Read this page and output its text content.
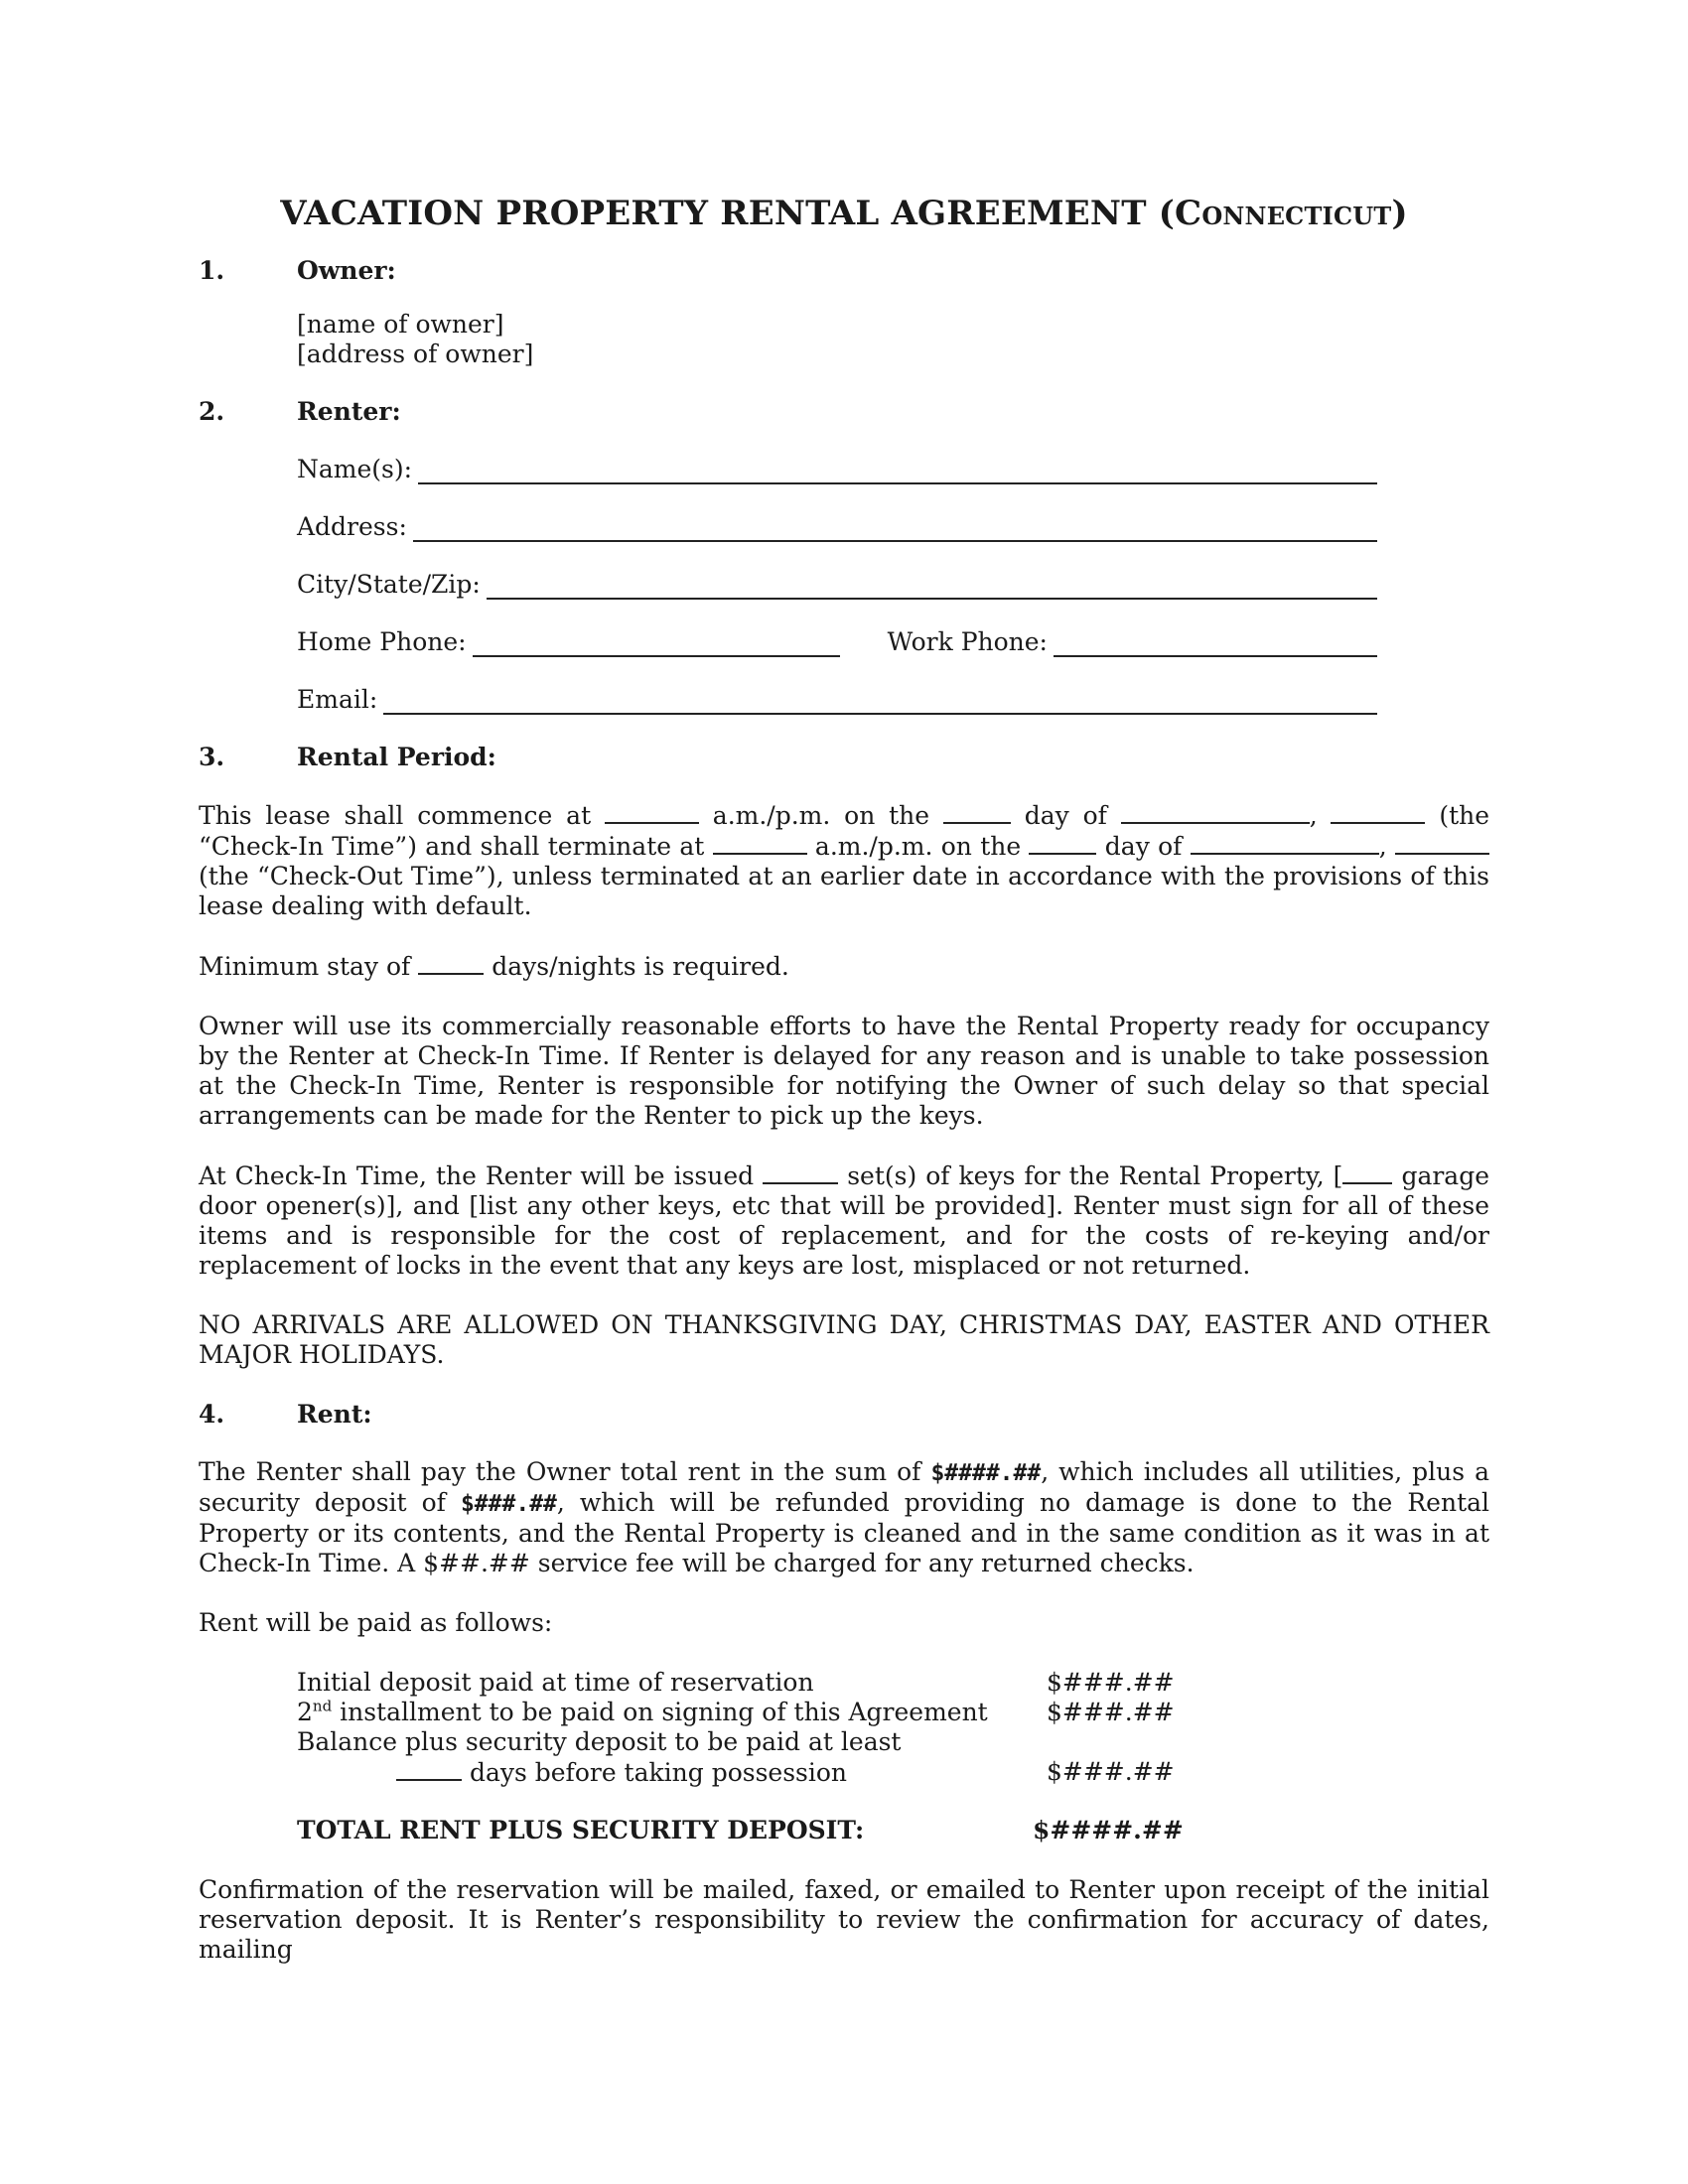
VACATION PROPERTY RENTAL AGREEMENT (Connecticut)
1.	Owner:
[name of owner]
[address of owner]
2.	Renter:
Name(s):
Address:
City/State/Zip:
Home Phone:	Work Phone:
Email:
3.	Rental Period:

This lease shall commence at	a.m./p.m. on the	day of	,	(the “Check-In Time”) and shall terminate at	a.m./p.m. on the	day of	,  (the “Check-Out Time”), unless terminated at an earlier date in accordance with the provisions of this lease dealing with default.

Minimum stay of	days/nights is required.

Owner will use its commercially reasonable efforts to have the Rental Property ready for occupancy by the Renter at Check-In Time. If Renter is delayed for any reason and is unable to take possession at the Check-In Time, Renter is responsible for notifying the Owner of such delay so that special arrangements can be made for the Renter to pick up the keys.

At Check-In Time, the Renter will be issued	set(s) of keys for the Rental Property, [ garage door opener(s)], and [list any other keys, etc that will be provided]. Renter must sign for all of these items and is responsible for the cost of replacement, and for the costs of re-keying and/or replacement of locks in the event that any keys are lost, misplaced or not returned.

NO ARRIVALS ARE ALLOWED ON THANKSGIVING DAY, CHRISTMAS DAY, EASTER AND OTHER MAJOR HOLIDAYS.

4.	Rent:

The Renter shall pay the Owner total rent in the sum of $####.##, which includes all utilities, plus a security deposit of $###.##, which will be refunded providing no damage is done to the Rental Property or its contents, and the Rental Property is cleaned and in the same condition as it was in at Check-In Time. A $##.## service fee will be charged for any returned checks.

Rent will be paid as follows:

Initial deposit paid at time of reservation	$###.##
2nd installment to be paid on signing of this Agreement $###.##
Balance plus security deposit to be paid at least
days before taking possession	$###.##
TOTAL RENT PLUS SECURITY DEPOSIT:	$####.##

Confirmation of the reservation will be mailed, faxed, or emailed to Renter upon receipt of the initial reservation deposit. It is Renter’s responsibility to review the confirmation for accuracy of dates, mailing
